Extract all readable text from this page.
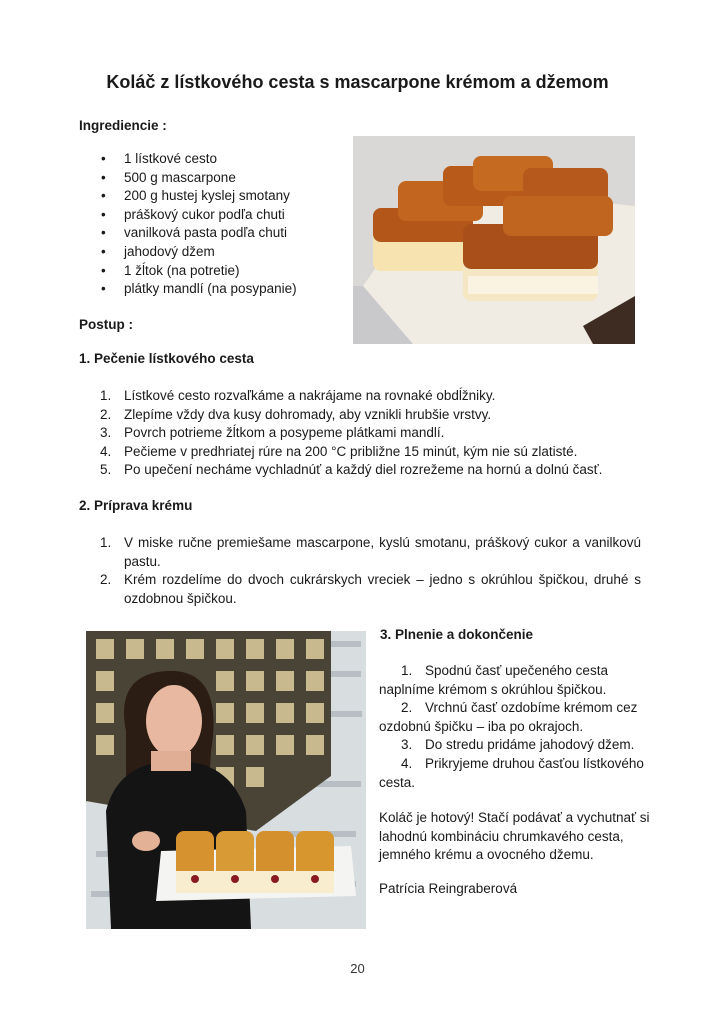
Koláč z lístkového cesta s mascarpone krémom a džemom
Ingrediencie :
• 1 lístkové cesto
• 500 g mascarpone
• 200 g hustej kyslej smotany
• práškový cukor podľa chuti
• vanilková pasta podľa chuti
• jahodový džem
• 1 žĺtok (na potretie)
• plátky mandlí (na posypanie)
Postup :
1. Pečenie lístkového cesta
1. Lístkové cesto rozvaľkáme a nakrájame na rovnaké obdĺžniky.
2. Zlepíme vždy dva kusy dohromady, aby vznikli hrubšie vrstvy.
3. Povrch potrieme žĺtkom a posypeme plátkami mandlí.
4. Pečieme v predhriatej rúre na 200 °C približne 15 minút, kým nie sú zlatisté.
5. Po upečení necháme vychladnúť a každý diel rozrežeme na hornú a dolnú časť.
2. Príprava krému
1. V miske ručne premiešame mascarpone, kyslú smotanu, práškový cukor a vanilkovú pastu.
2. Krém rozdelíme do dvoch cukrárskych vreciek – jedno s okrúhlou špičkou, druhé s ozdobnou špičkou.
3. Plnenie a dokončenie

1. Spodnú časť upečeného cesta naplníme krémom s okrúhlou špičkou.

2. Vrchnú časť ozdobíme krémom cez ozdobnú špičku – iba po okrajoch.

3. Do stredu pridáme jahodový džem.

4. Prikryjeme druhou časťou lístkového cesta.

Koláč je hotový! Stačí podávať a vychutnať si lahodnú kombináciu chrumkavého cesta, jemného krému a ovocného džemu.
Patrícia Reingraberová
20
